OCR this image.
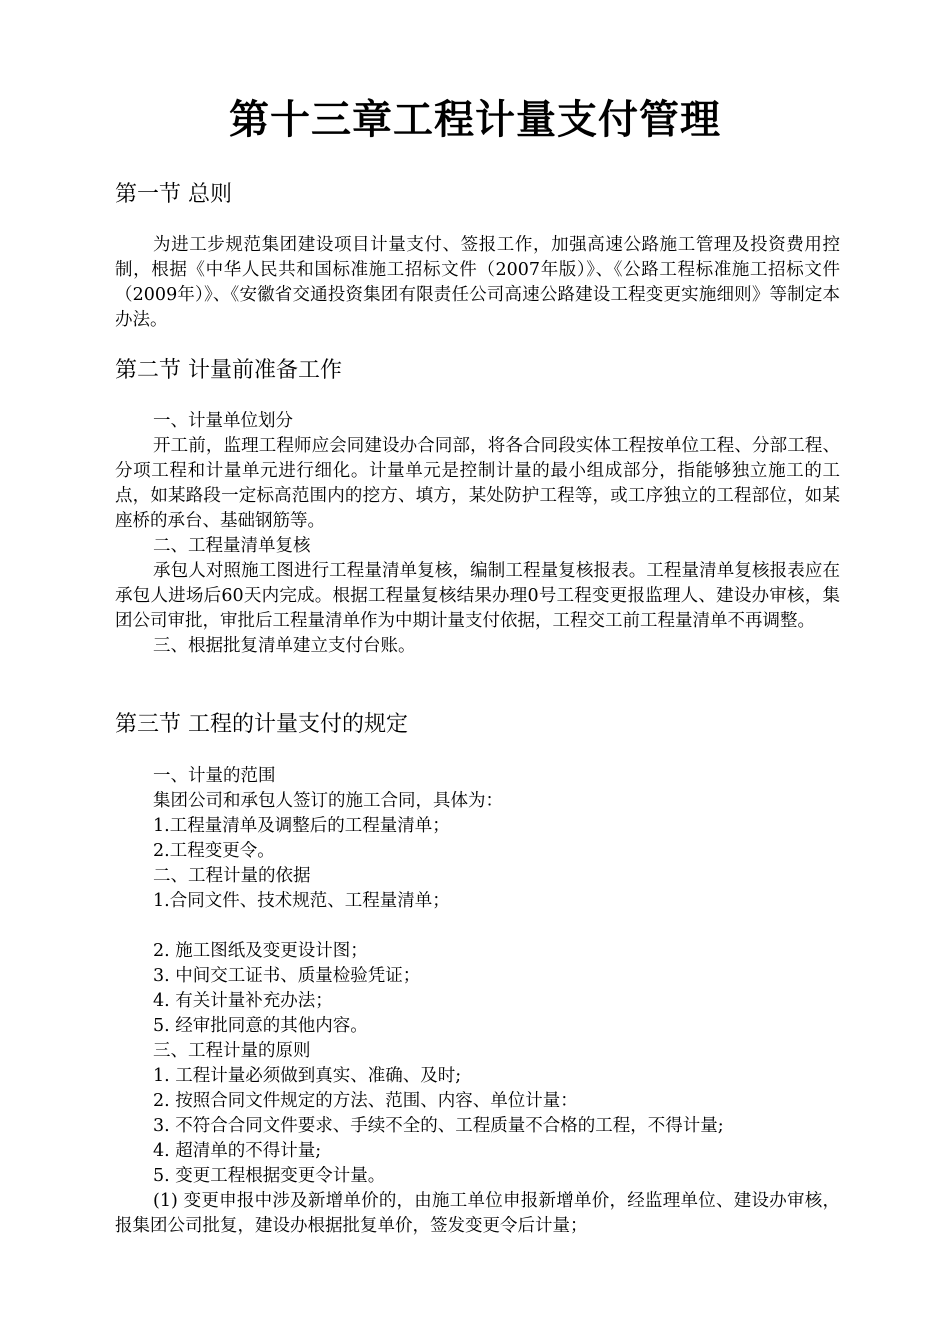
第十三章工程计量支付管理
第一节 总则

为进工步规范集团建设项目计量支付、签报工作，加强高速公路施工管理及投资费用控制，根据《中华人民共和国标准施工招标文件（2007年版）》、《公路工程标准施工招标文件（2009年）》、《安徽省交通投资集团有限责任公司高速公路建设工程变更实施细则》等制定本办法。

第二节 计量前准备工作

一、计量单位划分

开工前，监理工程师应会同建设办合同部，将各合同段实体工程按单位工程、分部工程、分项工程和计量单元进行细化。计量单元是控制计量的最小组成部分，指能够独立施工的工点，如某路段一定标高范围内的挖方、填方，某处防护工程等，或工序独立的工程部位，如某座桥的承台、基础钢筋等。

二、工程量清单复核

承包人对照施工图进行工程量清单复核，编制工程量复核报表。工程量清单复核报表应在承包人进场后60天内完成。根据工程量复核结果办理0号工程变更报监理人、建设办审核，集团公司审批，审批后工程量清单作为中期计量支付依据，工程交工前工程量清单不再调整。

三、根据批复清单建立支付台账。

第三节 工程的计量支付的规定

一、计量的范围

集团公司和承包人签订的施工合同，具体为：

1.工程量清单及调整后的工程量清单；

2.工程变更令。

二、工程计量的依据

1.合同文件、技术规范、工程量清单；

2. 施工图纸及变更设计图；

3. 中间交工证书、质量检验凭证；

4. 有关计量补充办法；

5. 经审批同意的其他内容。

三、工程计量的原则

1. 工程计量必须做到真实、准确、及时;

2. 按照合同文件规定的方法、范围、内容、单位计量：

3. 不符合合同文件要求、手续不全的、工程质量不合格的工程，不得计量;

4. 超清单的不得计量;

5. 变更工程根据变更令计量。

(1) 变更申报中涉及新增单价的，由施工单位申报新增单价，经监理单位、建设办审核，报集团公司批复，建设办根据批复单价，签发变更令后计量；
